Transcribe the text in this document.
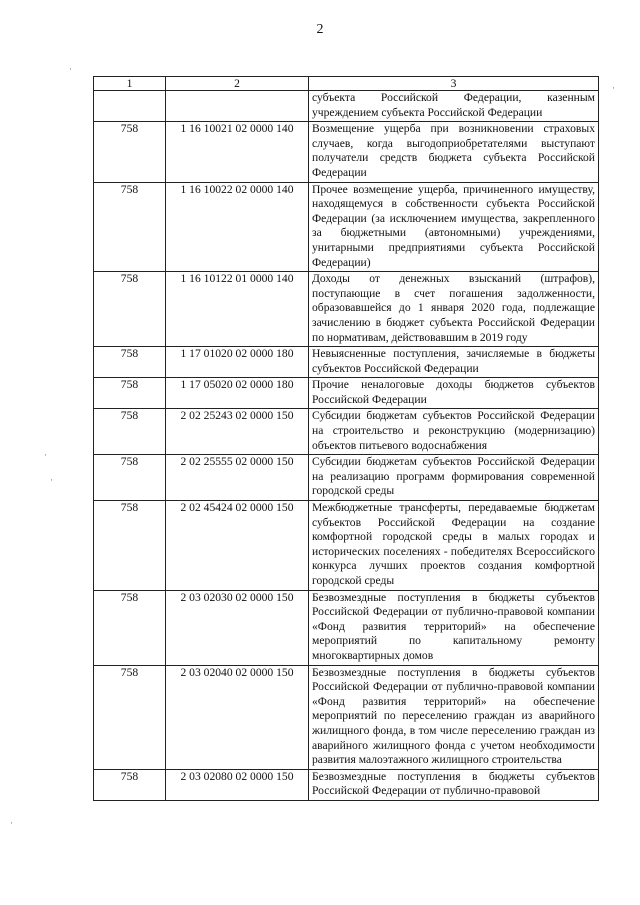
2
1	2	3
		субъекта Российской Федерации, казенным учреждением субъекта Российской Федерации
758	1 16 10021 02 0000 140	Возмещение ущерба при возникновении страховых случаев, когда выгодоприобретателями выступают получатели средств бюджета субъекта Российской Федерации
758	1 16 10022 02 0000 140	Прочее возмещение ущерба, причиненного имуществу, находящемуся в собственности субъекта Российской Федерации (за исключением имущества, закрепленного за бюджетными (автономными) учреждениями, унитарными предприятиями субъекта Российской Федерации)
758	1 16 10122 01 0000 140	Доходы от денежных взысканий (штрафов), поступающие в счет погашения задолженности, образовавшейся до 1 января 2020 года, подлежащие зачислению в бюджет субъекта Российской Федерации по нормативам, действовавшим в 2019 году
758	1 17 01020 02 0000 180	Невыясненные поступления, зачисляемые в бюджеты субъектов Российской Федерации
758	1 17 05020 02 0000 180	Прочие неналоговые доходы бюджетов субъектов Российской Федерации
758	2 02 25243 02 0000 150	Субсидии бюджетам субъектов Российской Федерации на строительство и реконструкцию (модернизацию) объектов питьевого водоснабжения
758	2 02 25555 02 0000 150	Субсидии бюджетам субъектов Российской Федерации на реализацию программ формирования современной городской среды
758	2 02 45424 02 0000 150	Межбюджетные трансферты, передаваемые бюджетам субъектов Российской Федерации на создание комфортной городской среды в малых городах и исторических поселениях - победителях Всероссийского конкурса лучших проектов создания комфортной городской среды
758	2 03 02030 02 0000 150	Безвозмездные поступления в бюджеты субъектов Российской Федерации от публично-правовой компании «Фонд развития территорий» на обеспечение мероприятий по капитальному ремонту многоквартирных домов
758	2 03 02040 02 0000 150	Безвозмездные поступления в бюджеты субъектов Российской Федерации от публично-правовой компании «Фонд развития территорий» на обеспечение мероприятий по переселению граждан из аварийного жилищного фонда, в том числе переселению граждан из аварийного жилищного фонда с учетом необходимости развития малоэтажного жилищного строительства
758	2 03 02080 02 0000 150	Безвозмездные поступления в бюджеты субъектов Российской Федерации от публично-правовой
·
·
·
·
·
